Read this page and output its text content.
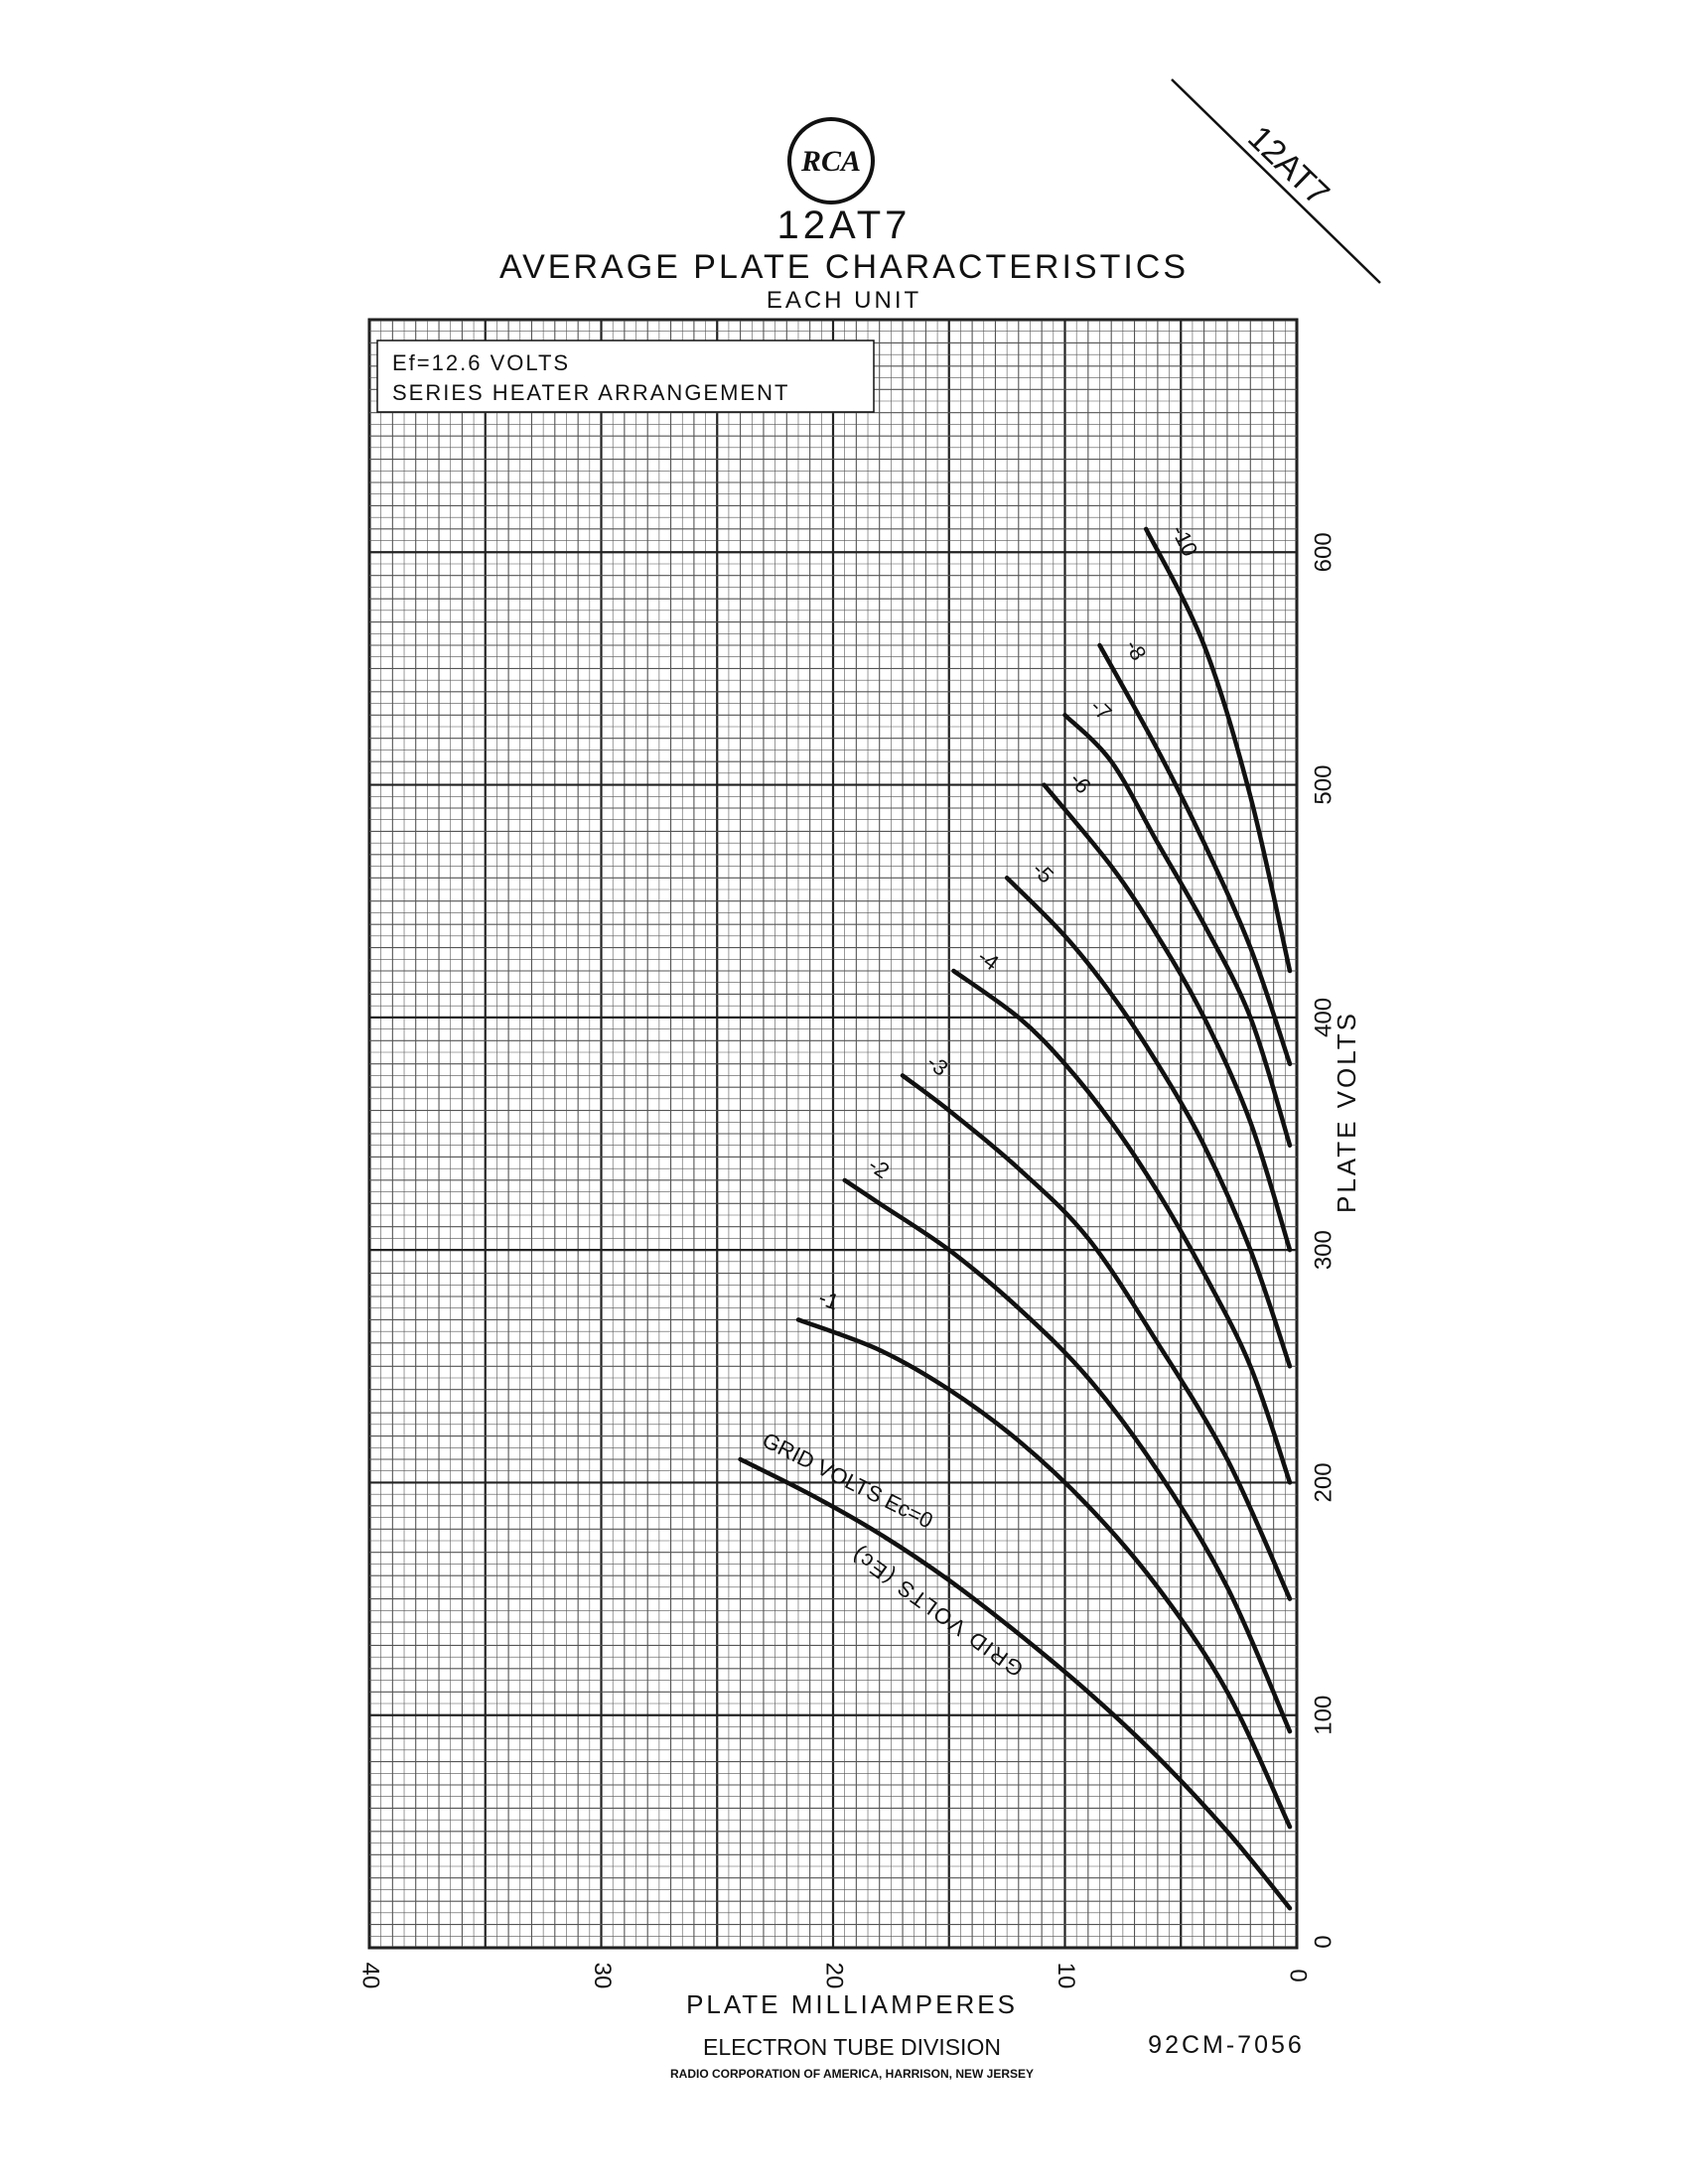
RCA	12AT7
12AT7
AVERAGE PLATE CHARACTERISTICS
EACH UNIT
Ef=12.6 VOLTS
SERIES HEATER ARRANGEMENT
GRID VOLTS Ec=0
-1
-2
-3
-4
-5
-6
-7
-8
-10
GRID VOLTS (Ec)
40	30	20	10	0
0
100
200
300
400
500
600
PLATE MILLIAMPERES
PLATE VOLTS
ELECTRON TUBE DIVISION
RADIO CORPORATION OF AMERICA, HARRISON, NEW JERSEY
92CM-7056
